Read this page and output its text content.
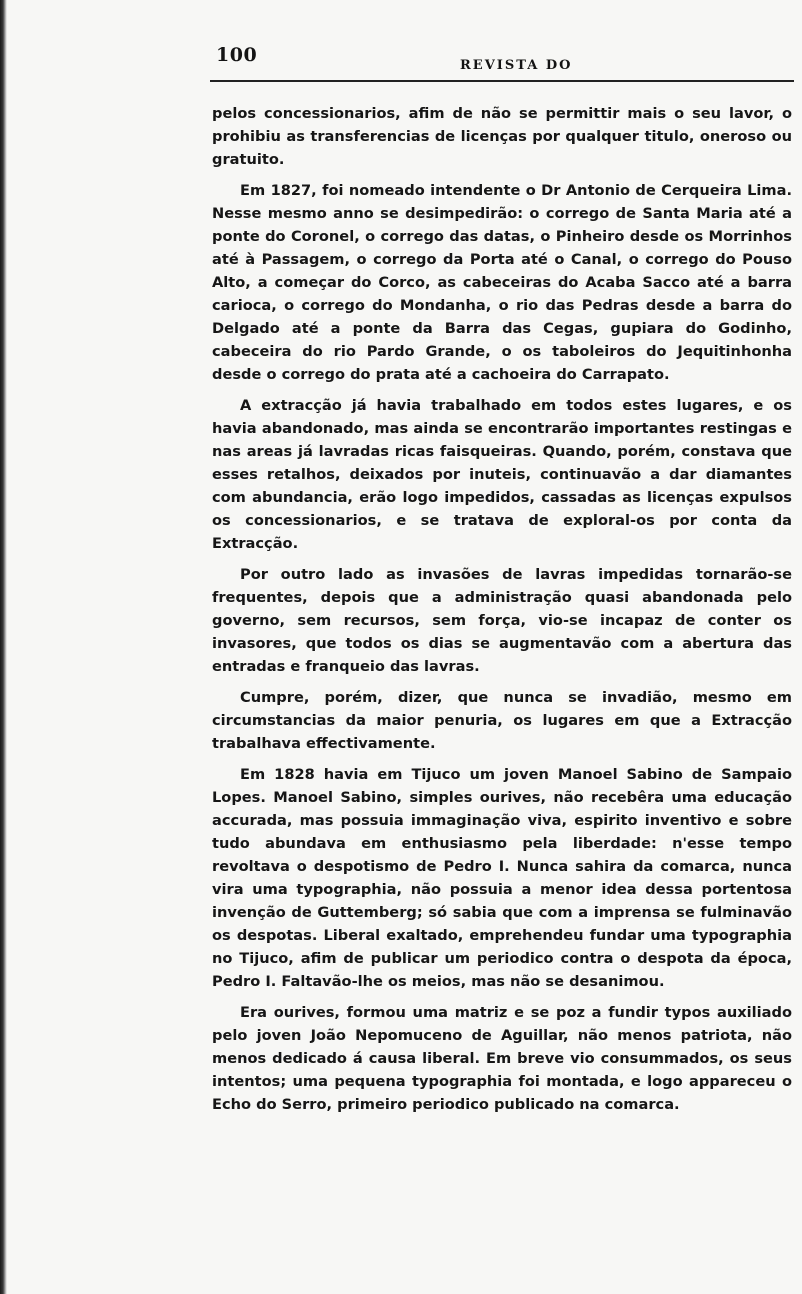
100	REVISTA DO

pelos concessionarios, afim de não se permittir mais o seu lavor, o prohibiu as transferencias de licenças por qualquer titulo, oneroso ou gratuito.

Em 1827, foi nomeado intendente o Dr Antonio de Cerqueira Lima. Nesse mesmo anno se desimpedirão: o corrego de Santa Maria até a ponte do Coronel, o corrego das datas, o Pinheiro desde os Morrinhos até à Passagem, o corrego da Porta até o Canal, o corrego do Pouso Alto, a começar do Corco, as cabeceiras do Acaba Sacco até a barra carioca, o corrego do Mondanha, o rio das Pedras desde a barra do Delgado até a ponte da Barra das Cegas, gupiara do Godinho, cabeceira do rio Pardo Grande, o os taboleiros do Jequitinhonha desde o corrego do prata até a cachoeira do Carrapato.

A extracção já havia trabalhado em todos estes lugares, e os havia abandonado, mas ainda se encontrarão importantes restingas e nas areas já lavradas ricas faisqueiras. Quando, porém, constava que esses retalhos, deixados por inuteis, continuavão a dar diamantes com abundancia, erão logo impedidos, cassadas as licenças expulsos os concessionarios, e se tratava de exploral-os por conta da Extracção.

Por outro lado as invasões de lavras impedidas tornarão-se frequentes, depois que a administração quasi abandonada pelo governo, sem recursos, sem força, vio-se incapaz de conter os invasores, que todos os dias se augmentavão com a abertura das entradas e franqueio das lavras.

Cumpre, porém, dizer, que nunca se invadião, mesmo em circumstancias da maior penuria, os lugares em que a Extracção trabalhava effectivamente.

Em 1828 havia em Tijuco um joven Manoel Sabino de Sampaio Lopes. Manoel Sabino, simples ourives, não recebêra uma educação accurada, mas possuia immaginação viva, espirito inventivo e sobre tudo abundava em enthusiasmo pela liberdade: n'esse tempo revoltava o despotismo de Pedro I. Nunca sahira da comarca, nunca vira uma typographia, não possuia a menor idea dessa portentosa invenção de Guttemberg; só sabia que com a imprensa se fulminavão os despotas. Liberal exaltado, emprehendeu fundar uma typographia no Tijuco, afim de publicar um periodico contra o despota da época, Pedro I. Faltavão-lhe os meios, mas não se desanimou.

Era ourives, formou uma matriz e se poz a fundir typos auxiliado pelo joven João Nepomuceno de Aguillar, não menos patriota, não menos dedicado á causa liberal. Em breve vio consummados, os seus intentos; uma pequena typographia foi montada, e logo appareceu o Echo do Serro, primeiro periodico publicado na comarca.
